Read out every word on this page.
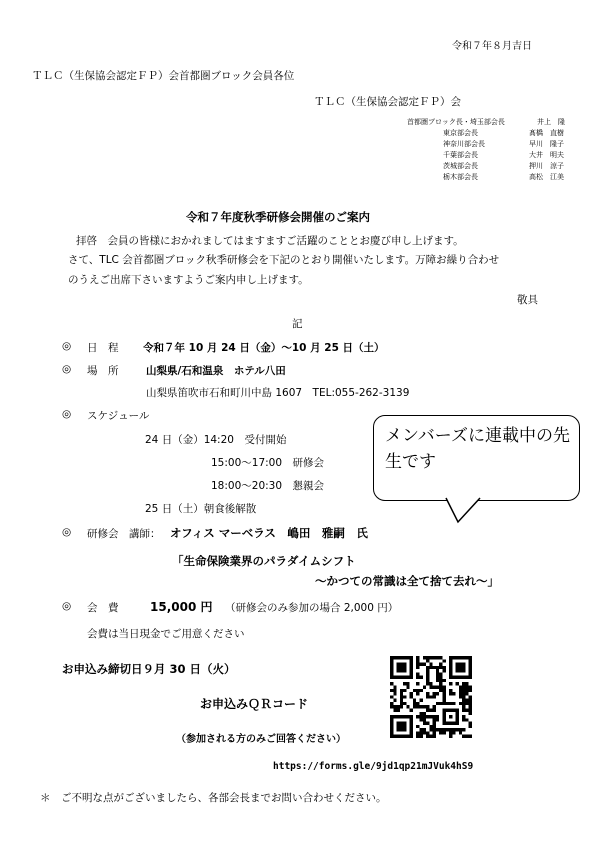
令和７年８月吉日
ＴＬＣ（生保協会認定ＦＰ）会首都圏ブロック会員各位
ＴＬＣ（生保協会認定ＦＰ）会
首都圏ブロック長・埼玉部会長	井上　隆
東京部会長	髙橋　直樹
神奈川部会長	早川　隆子
千葉部会長	大井　明夫
茨城部会長	押川　涼子
栃木部会長	高松　江美
令和７年度秋季研修会開催のご案内
拝啓　会員の皆様におかれましてはますますご活躍のこととお慶び申し上げます。
さて、TLC 会首都圏ブロック秋季研修会を下記のとおり開催いたします。万障お繰り合わせ
のうえご出席下さいますようご案内申し上げます。
敬具
記
◎ 日　程 令和７年 10 月 24 日（金）～10 月 25 日（土）
◎ 場　所	山梨県/石和温泉　ホテル八田
山梨県笛吹市石和町川中島 1607　TEL:055-262-3139
◎ スケジュール
24 日（金）14:20　受付開始
15:00～17:00　研修会
18:00～20:30　懇親会
25 日（土）朝食後解散
メンバーズに連載中の先生です
◎ 研修会　講師： オフィス マーベラス　嶋田　雅嗣　氏
「生命保険業界のパラダイムシフト
～かつての常識は全て捨て去れ～」
◎ 会　費	15,000 円 （研修会のみ参加の場合 2,000 円）
会費は当日現金でご用意ください
お申込み締切日９月 30 日（火）
お申込みＱＲコード
（参加される方のみご回答ください）
https://forms.gle/9jd1qp21mJVuk4hS9
＊　ご不明な点がございましたら、各部会長までお問い合わせください。
